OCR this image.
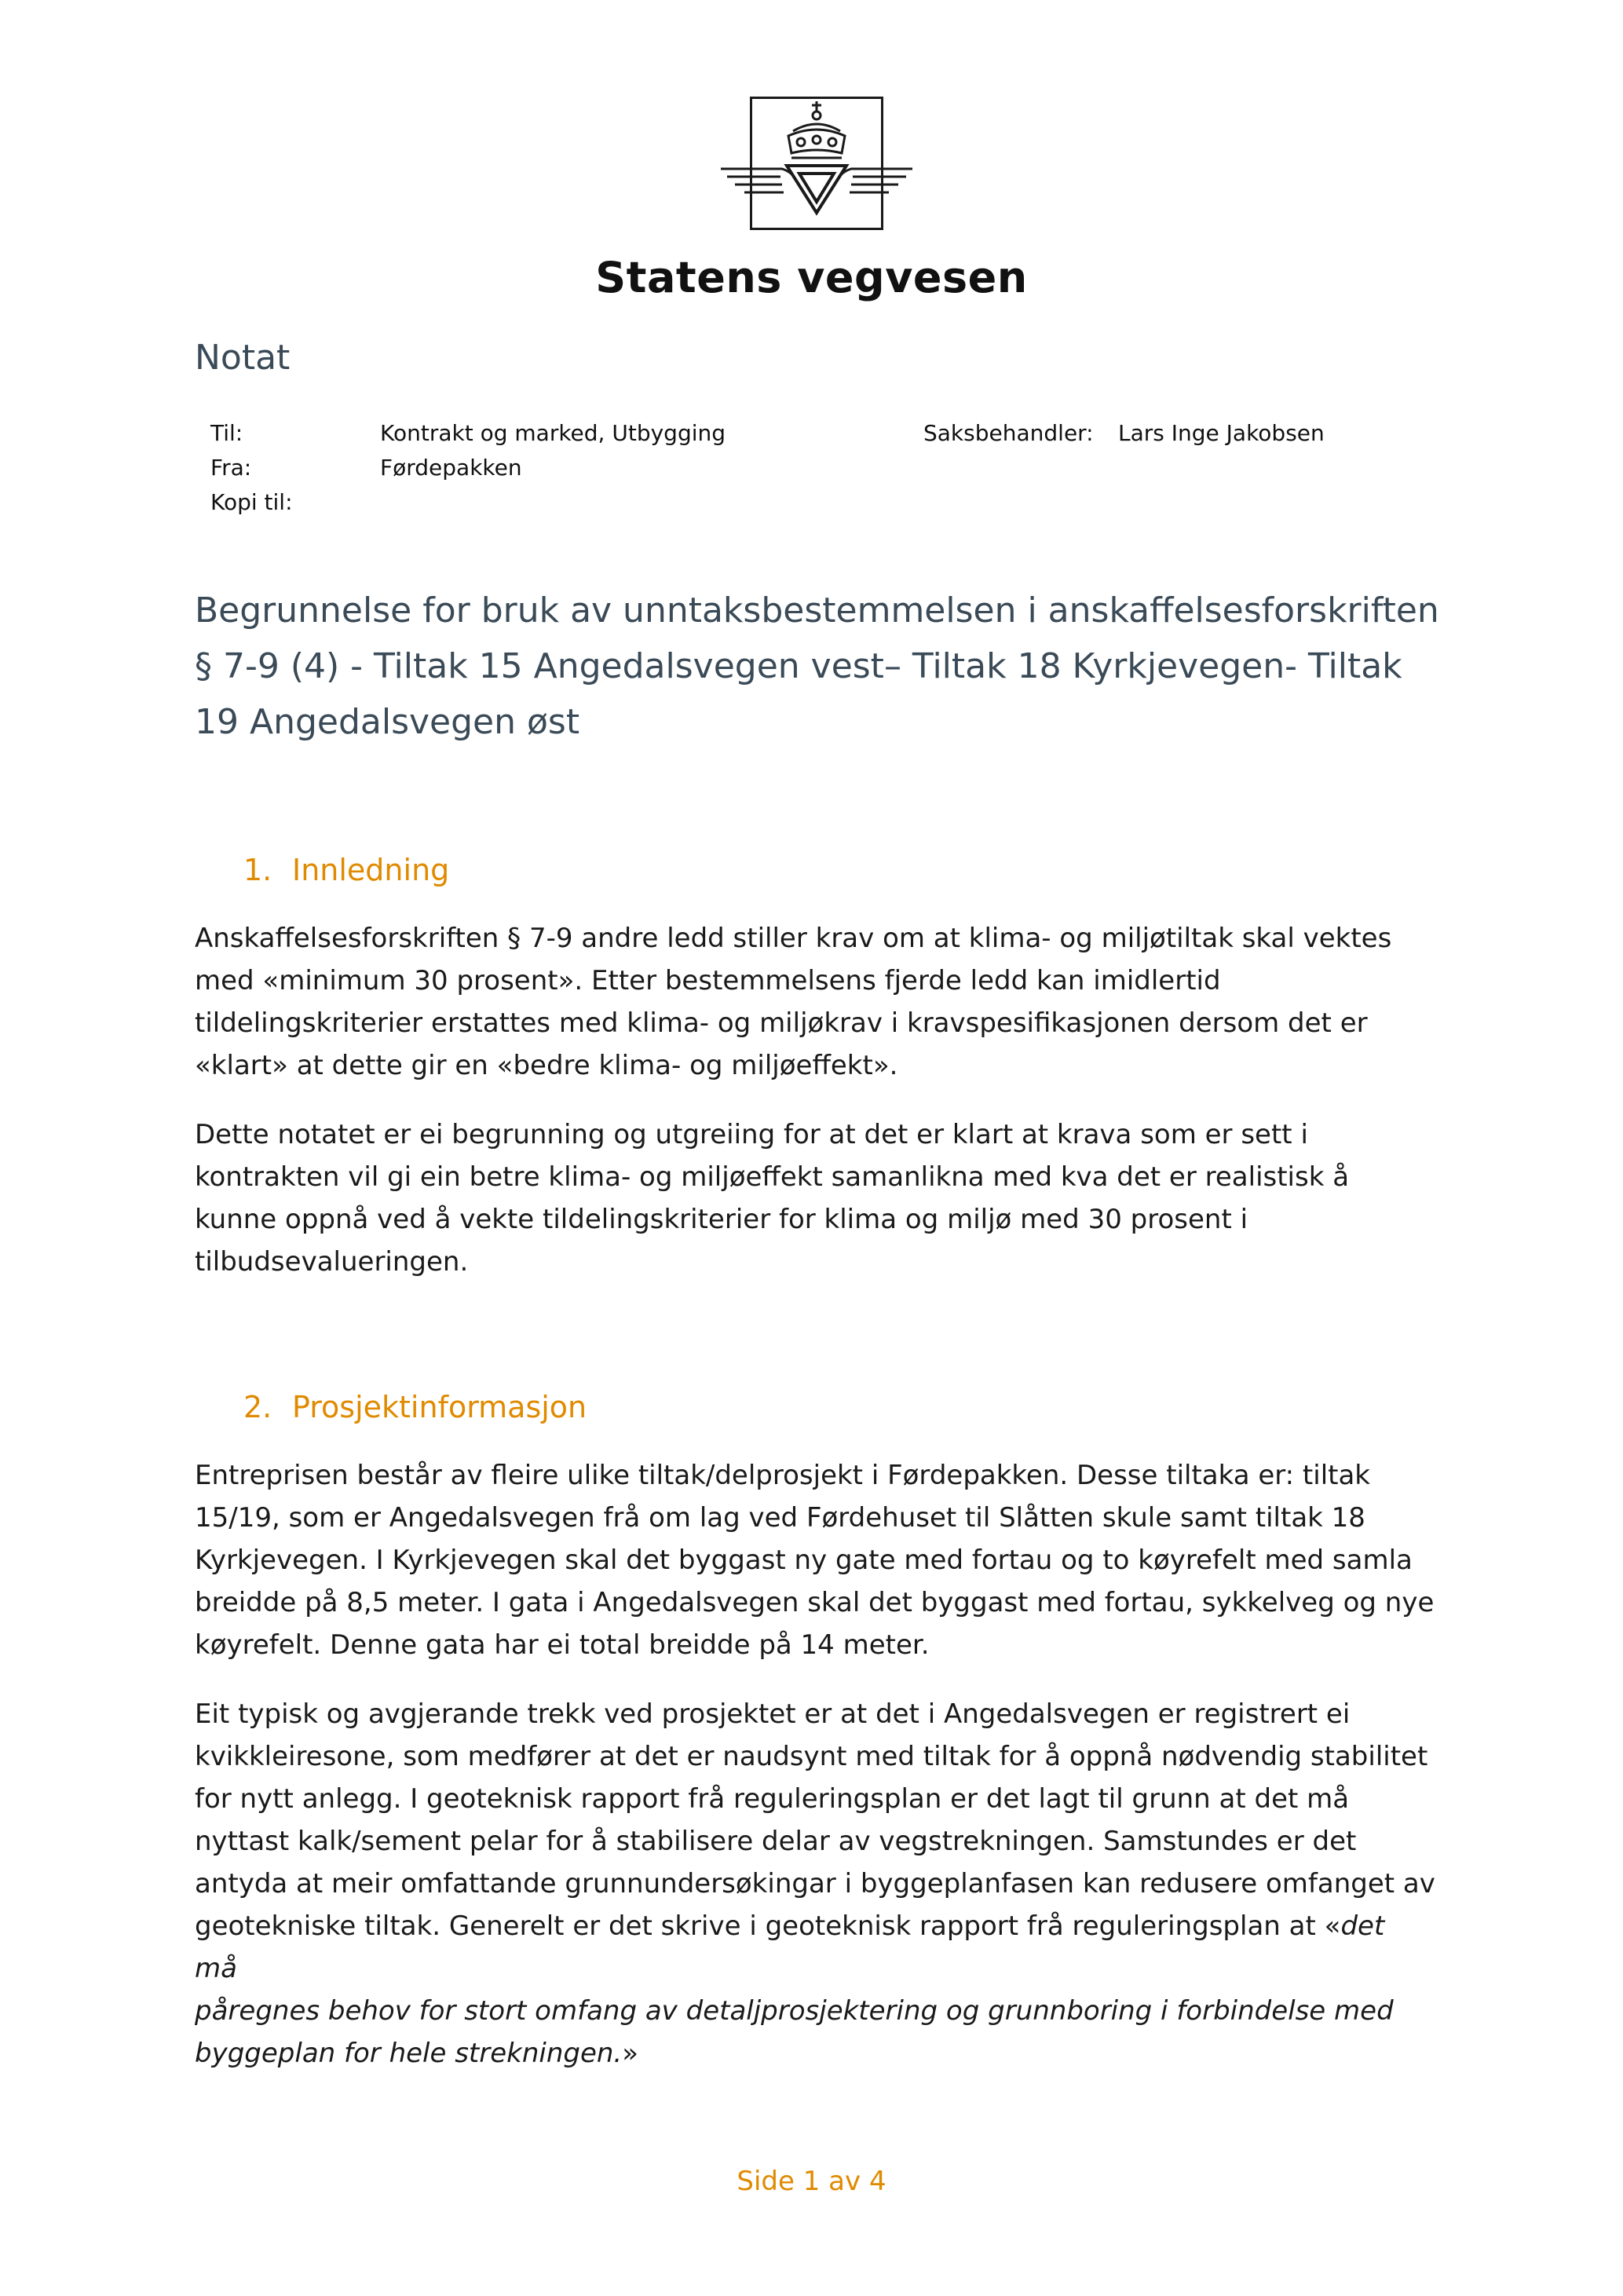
Statens vegvesen
Notat
Til:
Fra:
Kopi til:
Kontrakt og marked, Utbygging
Førdepakken
Saksbehandler: Lars Inge Jakobsen
Begrunnelse for bruk av unntaksbestemmelsen i anskaffelsesforskriften
§ 7-9 (4) - Tiltak 15 Angedalsvegen vest– Tiltak 18 Kyrkjevegen- Tiltak
19 Angedalsvegen øst
1. Innledning
Anskaffelsesforskriften § 7-9 andre ledd stiller krav om at klima- og miljøtiltak skal vektes
med «minimum 30 prosent». Etter bestemmelsens fjerde ledd kan imidlertid
tildelingskriterier erstattes med klima- og miljøkrav i kravspesifikasjonen dersom det er
«klart» at dette gir en «bedre klima- og miljøeffekt».
Dette notatet er ei begrunning og utgreiing for at det er klart at krava som er sett i
kontrakten vil gi ein betre klima- og miljøeffekt samanlikna med kva det er realistisk å
kunne oppnå ved å vekte tildelingskriterier for klima og miljø med 30 prosent i
tilbudsevalueringen.
2. Prosjektinformasjon
Entreprisen består av fleire ulike tiltak/delprosjekt i Førdepakken. Desse tiltaka er: tiltak
15/19, som er Angedalsvegen frå om lag ved Førdehuset til Slåtten skule samt tiltak 18
Kyrkjevegen. I Kyrkjevegen skal det byggast ny gate med fortau og to køyrefelt med samla
breidde på 8,5 meter. I gata i Angedalsvegen skal det byggast med fortau, sykkelveg og nye
køyrefelt. Denne gata har ei total breidde på 14 meter.
Eit typisk og avgjerande trekk ved prosjektet er at det i Angedalsvegen er registrert ei
kvikkleiresone, som medfører at det er naudsynt med tiltak for å oppnå nødvendig stabilitet
for nytt anlegg. I geoteknisk rapport frå reguleringsplan er det lagt til grunn at det må
nyttast kalk/sement pelar for å stabilisere delar av vegstrekningen. Samstundes er det
antyda at meir omfattande grunnundersøkingar i byggeplanfasen kan redusere omfanget av
geotekniske tiltak. Generelt er det skrive i geoteknisk rapport frå reguleringsplan at «det må
påregnes behov for stort omfang av detaljprosjektering og grunnboring i forbindelse med
byggeplan for hele strekningen.»
Side 1 av 4
